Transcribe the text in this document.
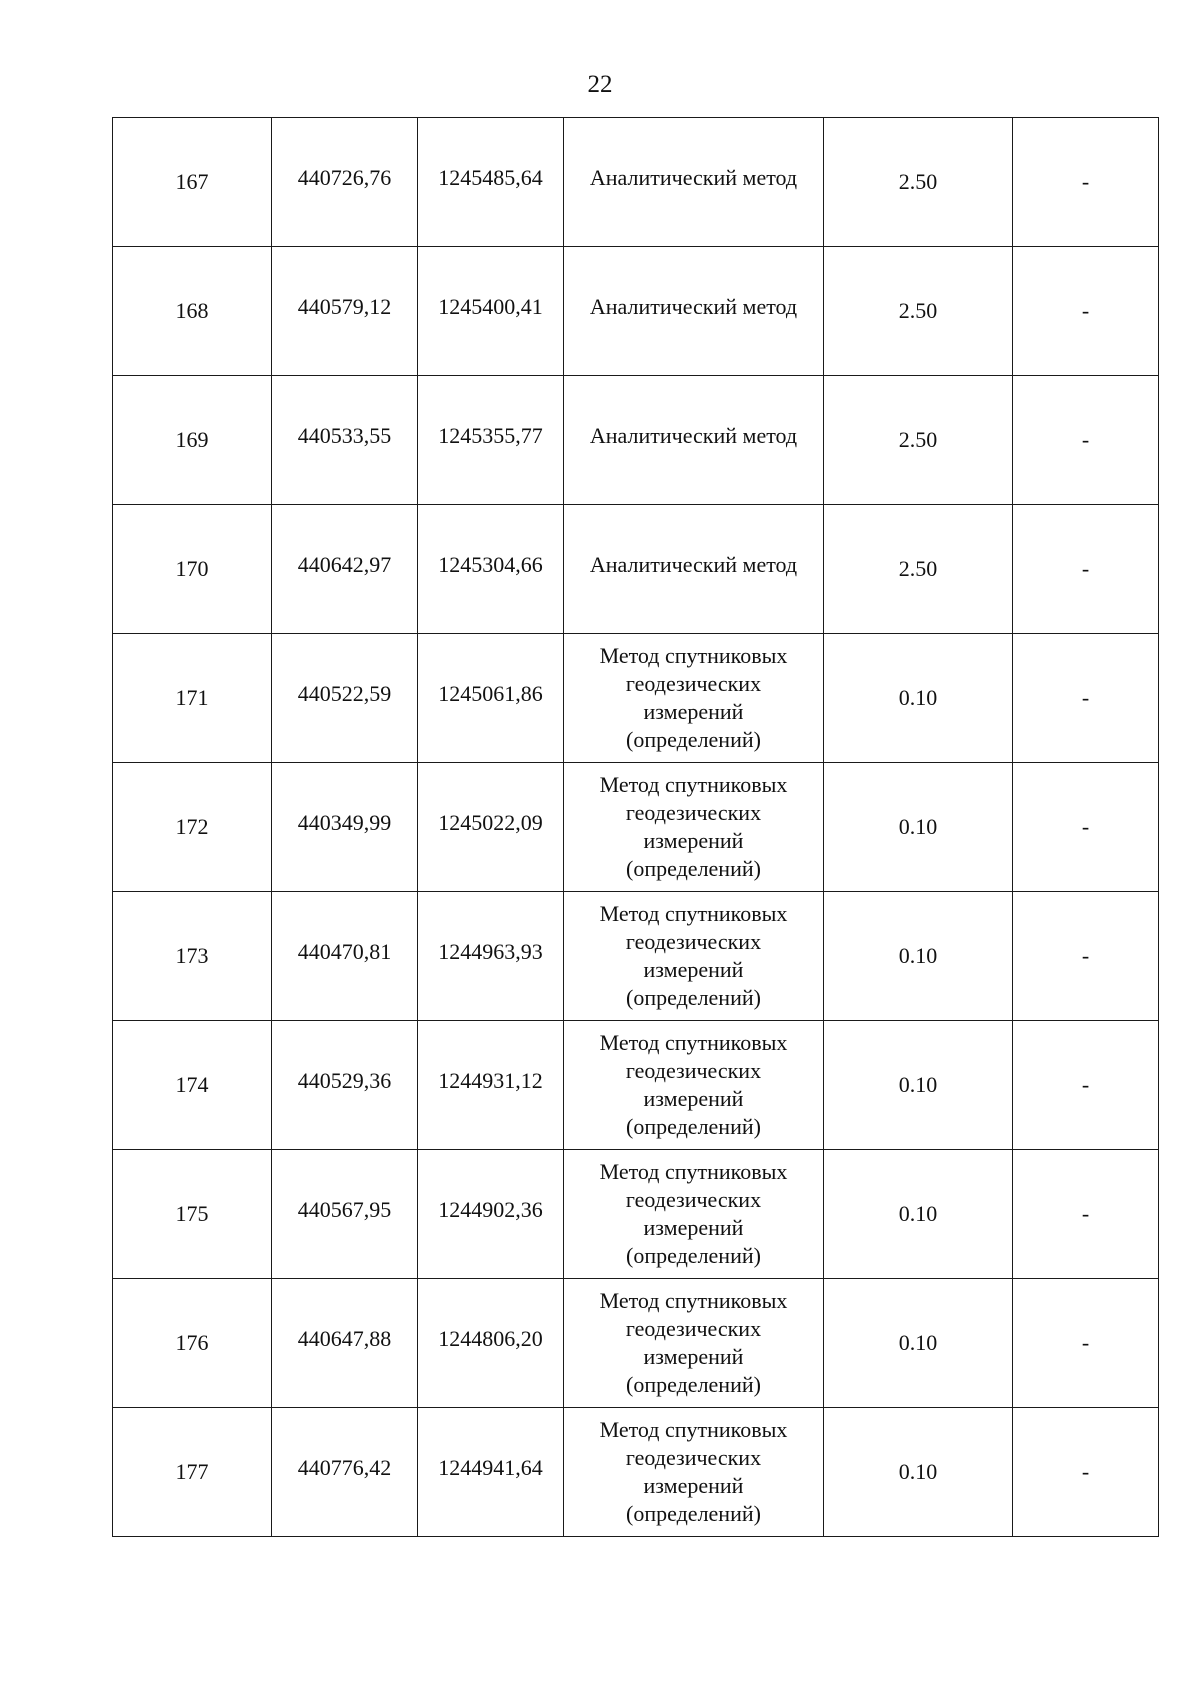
22
167	440726,76	1245485,64	Аналитический метод	2.50	-
168	440579,12	1245400,41	Аналитический метод	2.50	-
169	440533,55	1245355,77	Аналитический метод	2.50	-
170	440642,97	1245304,66	Аналитический метод	2.50	-
171	440522,59	1245061,86	Метод спутниковых геодезических измерений (определений)	0.10	-
172	440349,99	1245022,09	Метод спутниковых геодезических измерений (определений)	0.10	-
173	440470,81	1244963,93	Метод спутниковых геодезических измерений (определений)	0.10	-
174	440529,36	1244931,12	Метод спутниковых геодезических измерений (определений)	0.10	-
175	440567,95	1244902,36	Метод спутниковых геодезических измерений (определений)	0.10	-
176	440647,88	1244806,20	Метод спутниковых геодезических измерений (определений)	0.10	-
177	440776,42	1244941,64	Метод спутниковых геодезических измерений (определений)	0.10	-
